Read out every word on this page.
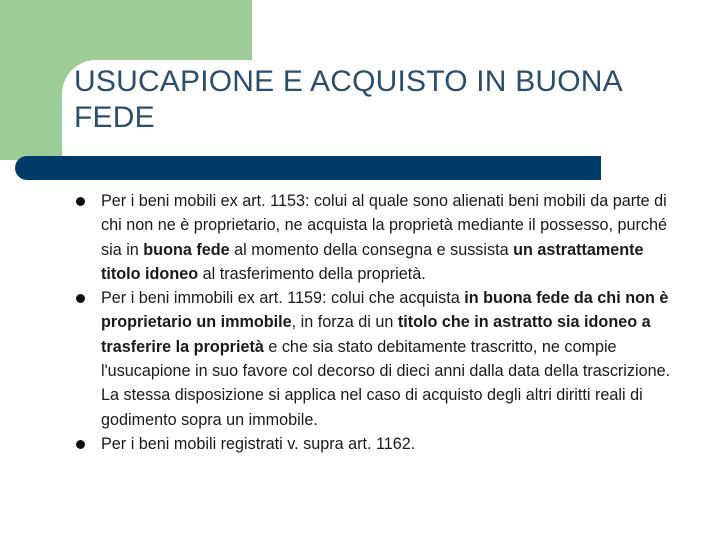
USUCAPIONE E ACQUISTO IN BUONA FEDE
Per i beni mobili ex art. 1153: colui al quale sono alienati beni mobili da parte di chi non ne è proprietario, ne acquista la proprietà mediante il possesso, purché sia in buona fede al momento della consegna e sussista un astrattamente titolo idoneo al trasferimento della proprietà.
Per i beni immobili ex art. 1159: colui che acquista in buona fede da chi non è proprietario un immobile, in forza di un titolo che in astratto sia idoneo a trasferire la proprietà e che sia stato debitamente trascritto, ne compie l'usucapione in suo favore col decorso di dieci anni dalla data della trascrizione. La stessa disposizione si applica nel caso di acquisto degli altri diritti reali di godimento sopra un immobile.
Per i beni mobili registrati v. supra art. 1162.
